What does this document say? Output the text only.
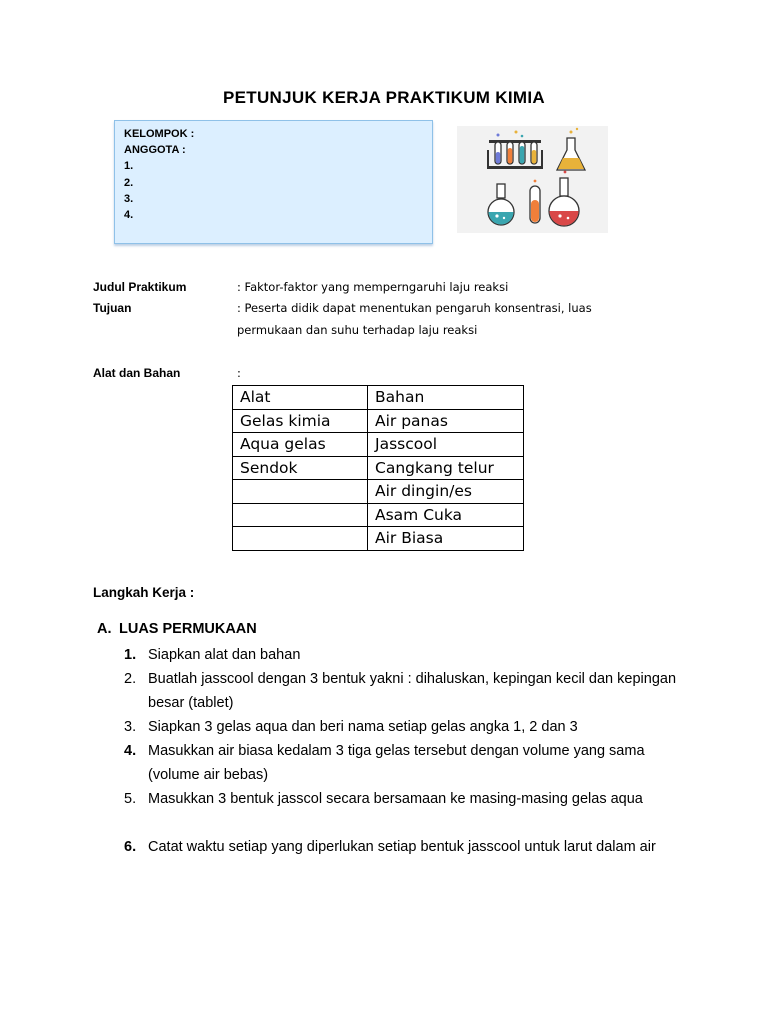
PETUNJUK KERJA PRAKTIKUM KIMIA
KELOMPOK :
ANGGOTA :
1.
2.
3.
4.
Judul Praktikum	: Faktor-faktor yang memperngaruhi laju reaksi
Tujuan	: Peserta didik dapat menentukan pengaruh konsentrasi, luas
permukaan dan suhu terhadap laju reaksi
Alat dan Bahan	:
Alat	Bahan
Gelas kimia	Air panas
Aqua gelas	Jasscool
Sendok	Cangkang telur
	Air dingin/es
	Asam Cuka
	Air Biasa
Langkah Kerja :
A. LUAS PERMUKAAN
1. Siapkan alat dan bahan
2. Buatlah jasscool dengan 3 bentuk yakni : dihaluskan, kepingan kecil dan kepingan besar (tablet)
3. Siapkan 3 gelas aqua dan beri nama setiap gelas angka 1, 2 dan 3
4. Masukkan air biasa kedalam 3 tiga gelas tersebut dengan volume yang sama (volume air bebas)
5. Masukkan 3 bentuk jasscol secara bersamaan ke masing-masing gelas aqua
6. Catat waktu setiap yang diperlukan setiap bentuk jasscool untuk larut dalam air
